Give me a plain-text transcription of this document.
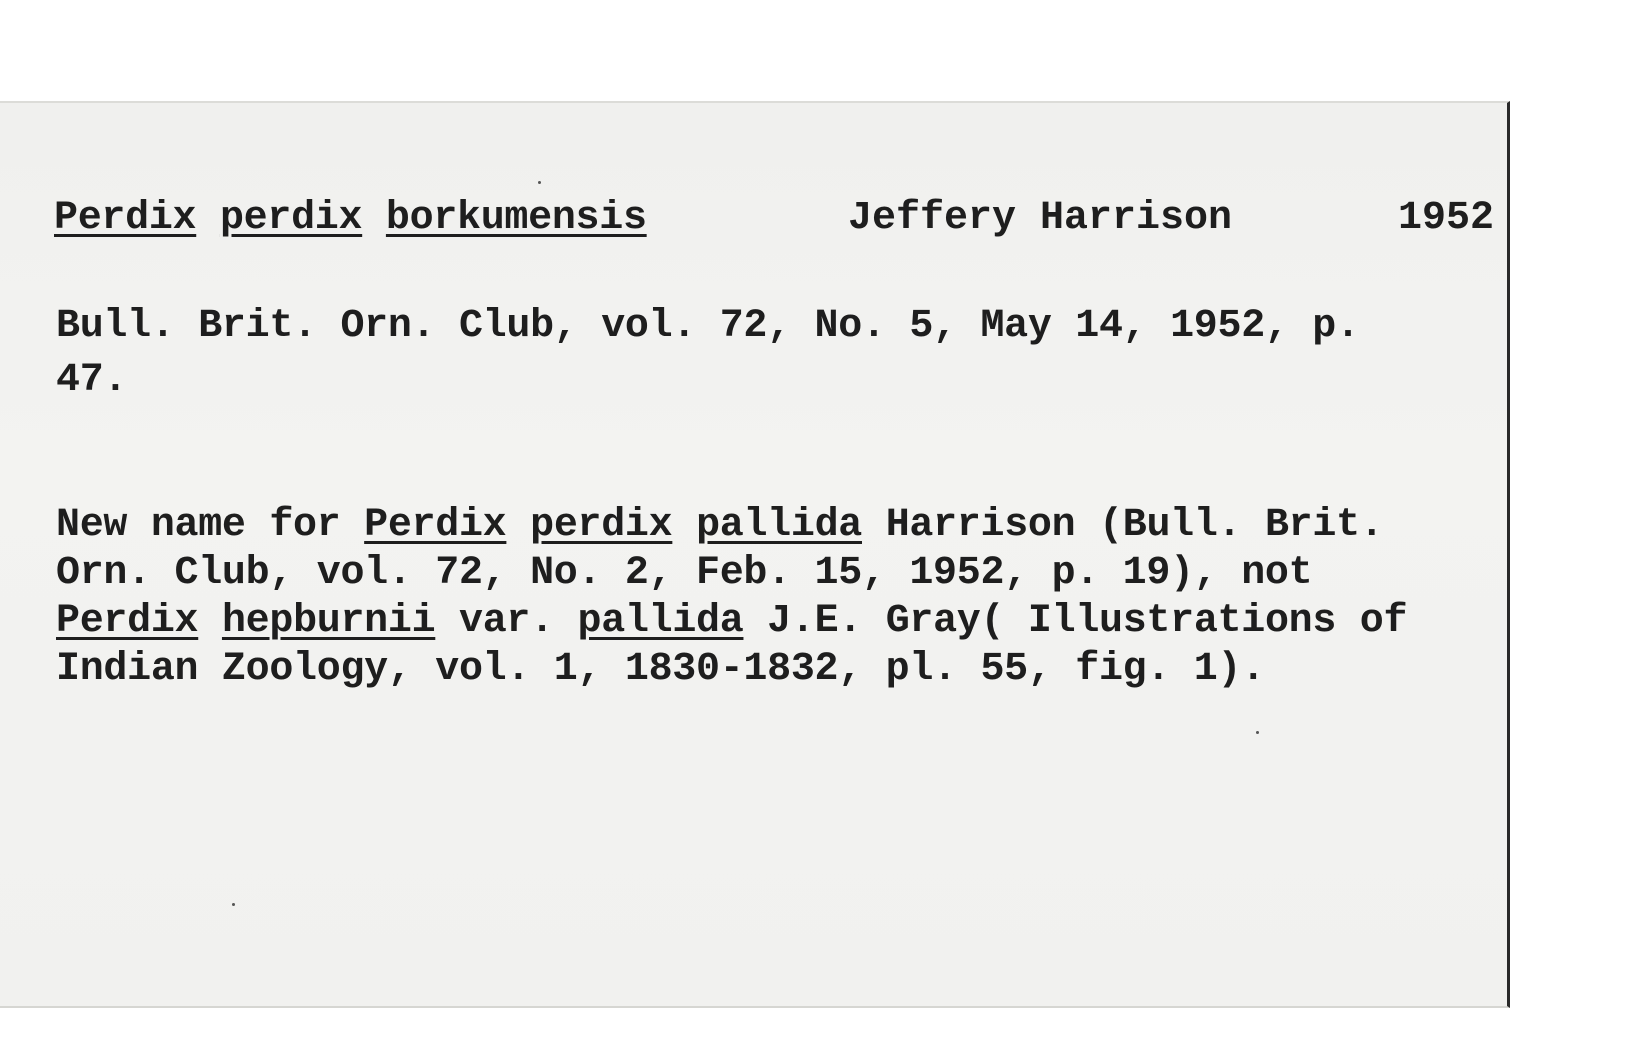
Perdix perdix borkumensis	Jeffery Harrison	1952

Bull. Brit. Orn. Club, vol. 72, No. 5, May 14, 1952, p.

47.

New name for Perdix perdix pallida Harrison (Bull. Brit.

Orn. Club, vol. 72, No. 2, Feb. 15, 1952, p. 19), not

Perdix hepburnii var. pallida J.E. Gray( Illustrations of

Indian Zoology, vol. 1, 1830-1832, pl. 55, fig. 1).
